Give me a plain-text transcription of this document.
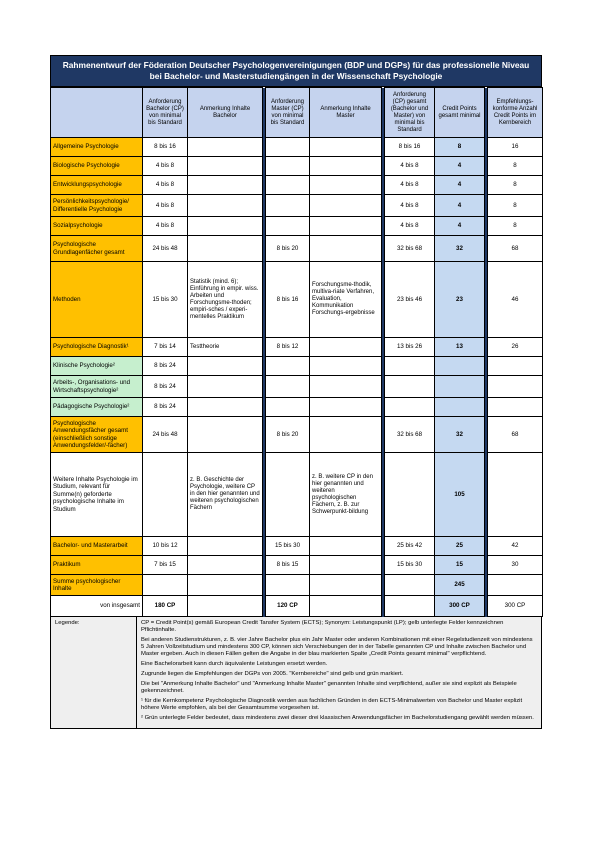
Rahmenentwurf der Föderation Deutscher Psychologenvereinigungen (BDP und DGPs) für das professionelle Niveau bei Bachelor- und Masterstudiengängen in der Wissenschaft Psychologie
	Anforderung Bachelor (CP) von minimal bis Standard	Anmerkung Inhalte Bachelor		Anforderung Master (CP) von minimal bis Standard	Anmerkung Inhalte Master		Anforderung (CP) gesamt (Bachelor und Master) von minimal bis Standard	Credit Points gesamt minimal		Empfehlungs-konforme Anzahl Credit Points im Kernbereich
Allgemeine Psychologie	8 bis 16						8 bis 16	8		16
Biologische Psychologie	4 bis 8						4 bis 8	4		8
Entwicklungspsychologie	4 bis 8						4 bis 8	4		8
Persönlichkeitspsychologie/ Differentielle Psychologie	4 bis 8						4 bis 8	4		8
Sozialpsychologie	4 bis 8						4 bis 8	4		8
Psychologische Grundlagenfächer gesamt	24 bis 48			8 bis 20			32 bis 68	32		68
Methoden	15 bis 30	Statistik (mind. 6); Einführung in empir. wiss. Arbeiten und Forschungsme-thoden; empiri-sches / experi-mentelles Praktikum		8 bis 16	Forschungsme-thodik, multiva-riate Verfahren, Evaluation, Kommunikation Forschungs-ergebnisse		23 bis 46	23		46
Psychologische Diagnostik¹	7 bis 14	Testtheorie		8 bis 12			13 bis 26	13		26
Klinische Psychologie²	8 bis 24									
Arbeits-, Organisations- und Wirtschaftspsychologie²	8 bis 24									
Pädagogische Psychologie²	8 bis 24									
Psychologische Anwendungsfächer gesamt (einschließlich sonstige Anwendungsfelder/-fächer)	24 bis 48			8 bis 20			32 bis 68	32		68
Weitere Inhalte Psychologie im Studium, relevant für Summe(n) geforderte psychologische Inhalte im Studium		z. B. Geschichte der Psychologie, weitere CP in den hier genannten und weiteren psychologischen Fächern			z. B. weitere CP in den hier genannten und weiteren psychologischen Fächern, z. B. zur Schwerpunkt-bildung			105		
Bachelor- und Masterarbeit	10 bis 12			15 bis 30			25 bis 42	25		42
Praktikum	7 bis 15			8 bis 15			15 bis 30	15		30
Summe psychologischer Inhalte								245		
von insgesamt	180 CP			120 CP				300 CP		300 CP
Legende:	CP = Credit Point(s) gemäß European Credit Tansfer System (ECTS); Synonym: Leistungspunkt (LP); gelb unterlegte Felder kennzeichnen Pflichtinhalte.

Bei anderen Studienstrukturen, z. B. vier Jahre Bachelor plus ein Jahr Master oder anderen Kombinationen mit einer Regelstudienzeit von mindestens 5 Jahren Vollzeitstudium und mindestens 300 CP, können sich Verschiebungen der in der Tabelle genannten CP und Inhalte zwischen Bachelor und Master ergeben. Auch in diesen Fällen gelten die Angabe in der blau markierten Spalte „Credit Points gesamt minimal" verpflichtend.

Eine Bachelorarbeit kann durch äquivalente Leistungen ersetzt werden.

Zugrunde liegen die Empfehlungen der DGPs von 2005. "Kernbereiche" sind gelb und grün markiert.

Die bei "Anmerkung Inhalte Bachelor" und "Anmerkung Inhalte Master" genannten Inhalte sind verpflichtend, außer sie sind explizit als Beispiele gekennzeichnet.

¹ für die Kernkompetenz Psychologische Diagnostik werden aus fachlichen Gründen in den ECTS-Minimalwerten von Bachelor und Master explizit höhere Werte empfohlen, als bei der Gesamtsumme vorgesehen ist.

² Grün unterlegte Felder bedeutet, dass mindestens zwei dieser drei klassischen Anwendungsfächer im Bachelorstudiengang gewählt werden müssen.
